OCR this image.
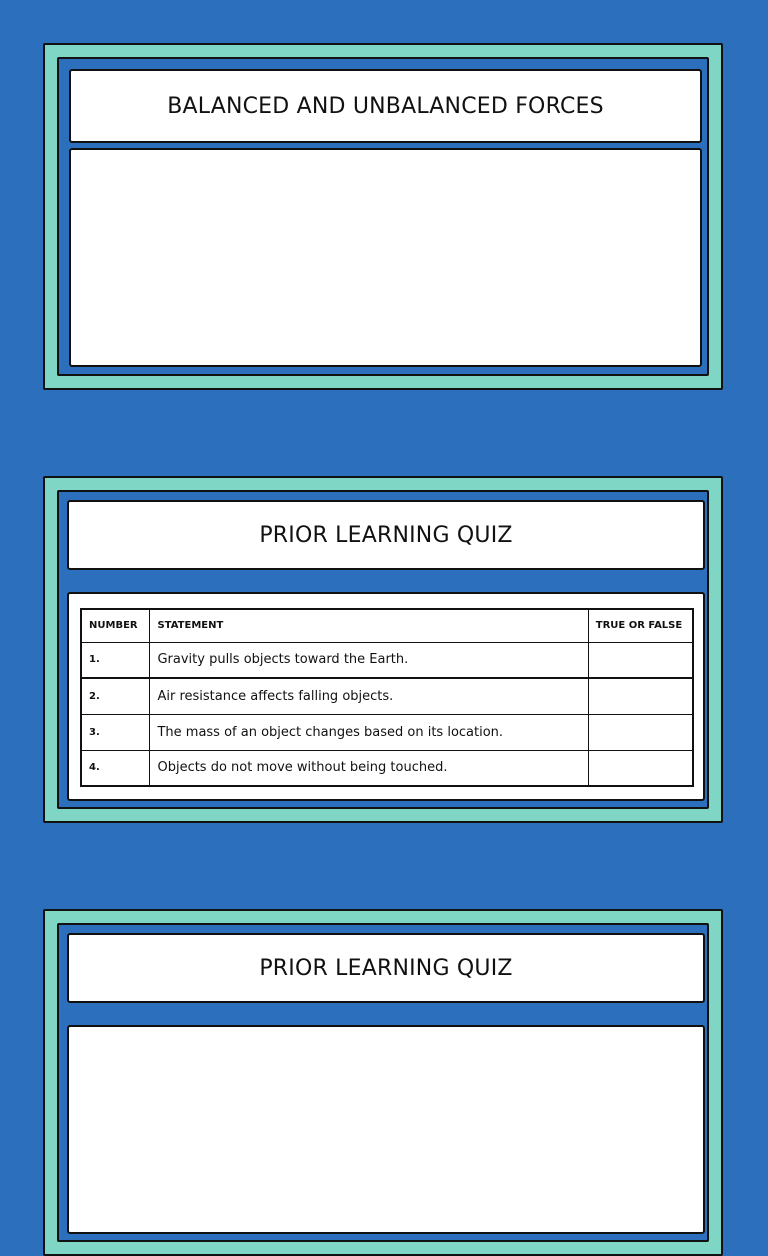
BALANCED AND UNBALANCED FORCES
PRIOR LEARNING QUIZ
NUMBER	STATEMENT	TRUE OR FALSE
1.	Gravity pulls objects toward the Earth.	
2.	Air resistance affects falling objects.	
3.	The mass of an object changes based on its location.	
4.	Objects do not move without being touched.	
PRIOR LEARNING QUIZ
